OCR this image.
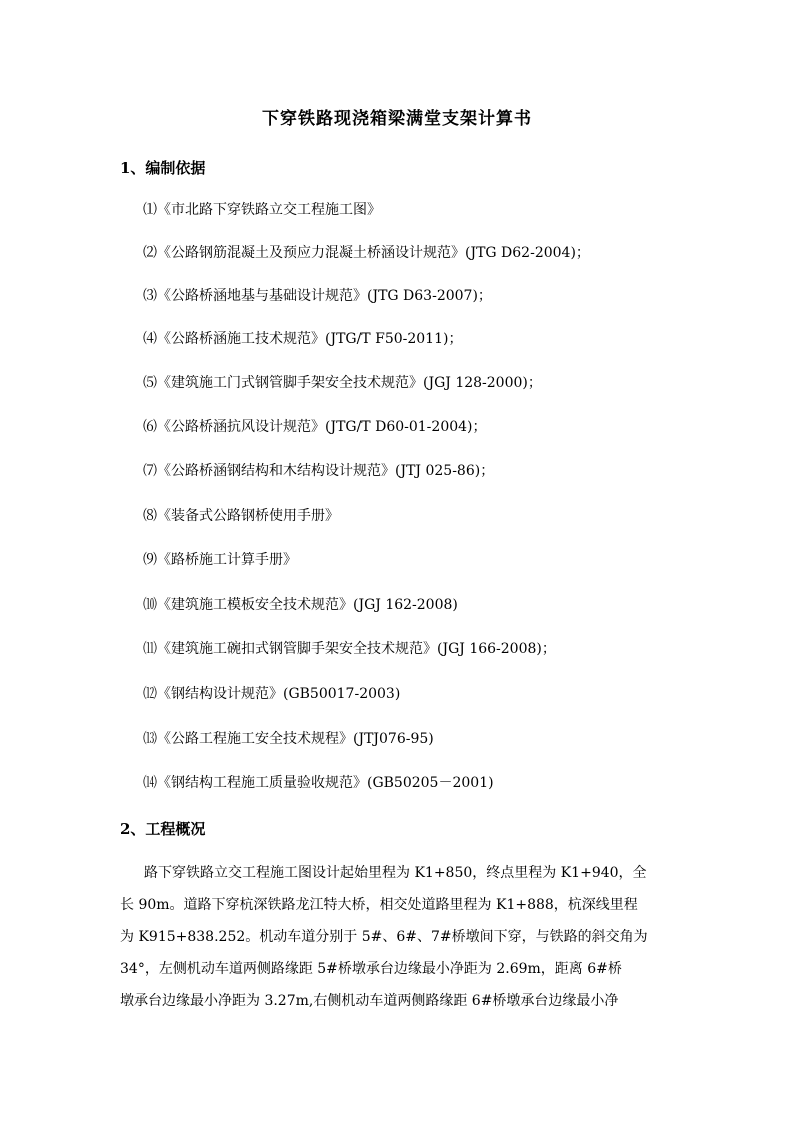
下穿铁路现浇箱梁满堂支架计算书
1、编制依据
⑴《市北路下穿铁路立交工程施工图》
⑵《公路钢筋混凝土及预应力混凝土桥涵设计规范》(JTG D62-2004)；
⑶《公路桥涵地基与基础设计规范》(JTG D63-2007)；
⑷《公路桥涵施工技术规范》(JTG/T F50-2011)；
⑸《建筑施工门式钢管脚手架安全技术规范》(JGJ 128-2000)；
⑹《公路桥涵抗风设计规范》(JTG/T D60-01-2004)；
⑺《公路桥涵钢结构和木结构设计规范》(JTJ 025-86)；
⑻《装备式公路钢桥使用手册》
⑼《路桥施工计算手册》
⑽《建筑施工模板安全技术规范》(JGJ 162-2008)
⑾《建筑施工碗扣式钢管脚手架安全技术规范》(JGJ 166-2008)；
⑿《钢结构设计规范》(GB50017-2003)
⒀《公路工程施工安全技术规程》(JTJ076-95)
⒁《钢结构工程施工质量验收规范》(GB50205－2001)
2、工程概况
路下穿铁路立交工程施工图设计起始里程为 K1+850，终点里程为 K1+940，全
长 90m。道路下穿杭深铁路龙江特大桥，相交处道路里程为 K1+888，杭深线里程
为 K915+838.252。机动车道分别于 5#、6#、7#桥墩间下穿，与铁路的斜交角为
34°，左侧机动车道两侧路缘距 5#桥墩承台边缘最小净距为 2.69m，距离 6#桥
墩承台边缘最小净距为 3.27m,右侧机动车道两侧路缘距 6#桥墩承台边缘最小净
